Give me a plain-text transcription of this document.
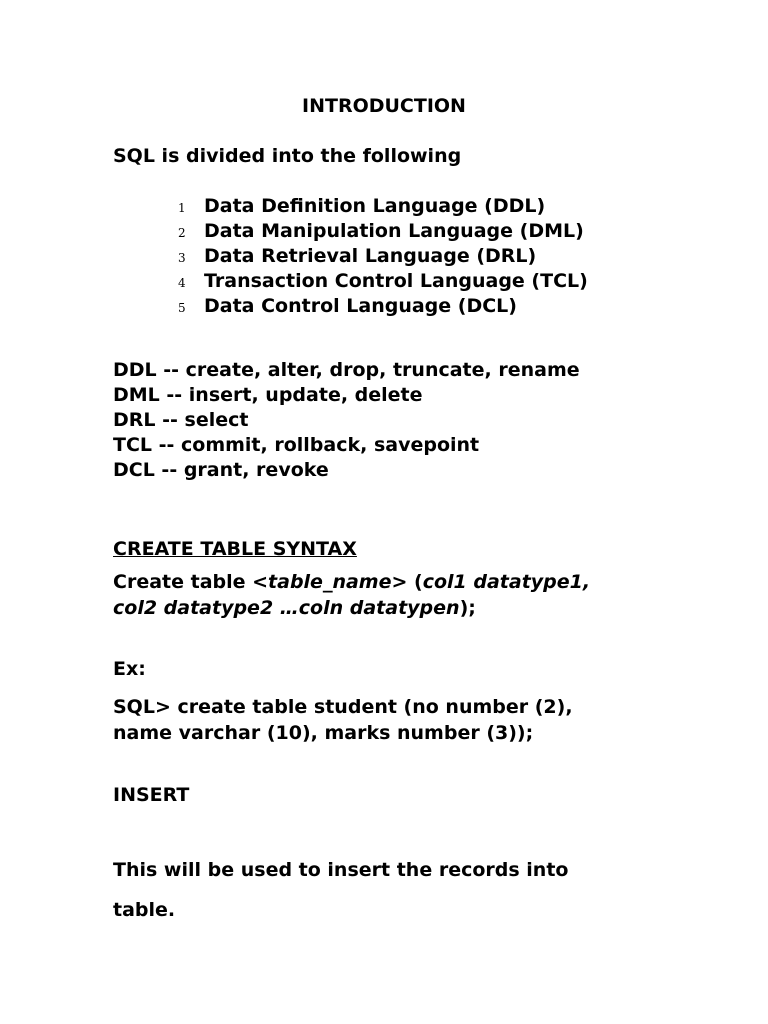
INTRODUCTION
SQL is divided into the following
1 Data Definition Language (DDL)
2 Data Manipulation Language (DML)
3 Data Retrieval Language (DRL)
4 Transaction Control Language (TCL)
5 Data Control Language (DCL)
DDL -- create, alter, drop, truncate, rename
DML -- insert, update, delete
DRL -- select
TCL -- commit, rollback, savepoint
DCL -- grant, revoke
CREATE TABLE SYNTAX
Create table <table_name> (col1 datatype1,
col2 datatype2 …coln datatypen);
Ex:
SQL> create table student (no number (2),
name varchar (10), marks number (3));
INSERT
This will be used to insert the records into
table.
